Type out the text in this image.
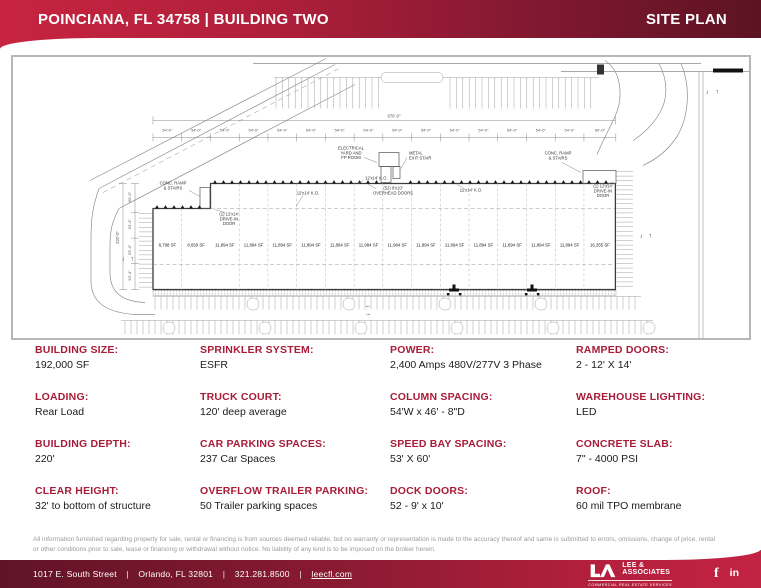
POINCIANA, FL 34758 | BUILDING TWO	SITE PLAN
8,798 SF	8,659 SF 11,894 SF 11,894 SF 11,894 SF 11,894 SF 11,894 SF 11,984 SF 11,984 SF 11,894 SF 11,894 SF 11,894 SF 11,894 SF 11,894 SF 11,894 SF 16,355 SF
54'-0"	54'-0"	54'-0"	54'-0"	54'-0"	54'-0"	54'-0"	54'-0"	54'-0"	54'-0"	54'-0"	54'-0"	54'-0"	54'-0"	54'-0"	60'-0"
870'-0"
220'-0"
60'-0"
53'-4"
53'-4"
53'-4"
ELECTRICAL YARD AND FP ROOM
METAL EXIT STAIR
CONC. RAMP & STAIRS
CONC. RAMP & STAIRS
12'x14' K.O.
12'x14' K.O.
(52) 9'x10' OVERHEAD DOORS
12'x14' K.O.
(1) 12'x14' DRIVE-IN DOOR
(1) 12'x14' DRIVE-IN DOOR
↓ ↑
↓ ↑
↓ ↑
←
→
BUILDING SIZE:
192,000 SF
SPRINKLER SYSTEM:
ESFR
POWER:
2,400 Amps 480V/277V 3 Phase
RAMPED DOORS:
2 - 12' X 14'
LOADING:
Rear Load
TRUCK COURT:
120' deep average
COLUMN SPACING:
54'W x 46' - 8"D
WAREHOUSE LIGHTING:
LED
BUILDING DEPTH:
220'
CAR PARKING SPACES:
237 Car Spaces
SPEED BAY SPACING:
53' X 60'
CONCRETE SLAB:
7" - 4000 PSI
CLEAR HEIGHT:
32' to bottom of structure
OVERFLOW TRAILER PARKING:
50 Trailer parking spaces
DOCK DOORS:
52 - 9' x 10'
ROOF:
60 mil TPO membrane
All information furnished regarding property for sale, rental or financing is from sources deemed reliable, but no warranty or representation is made to the accuracy thereof and same is submitted to errors, omissions, change of price, rental or other conditions prior to sale, lease or financing or withdrawal without notice. No liability of any kind is to be imposed on the broker herein.
1017 E. South Street | Orlando, FL 32801 | 321.281.8500 | leecfl.com
LEE &
ASSOCIATES
COMMERCIAL REAL ESTATE SERVICES
f in
